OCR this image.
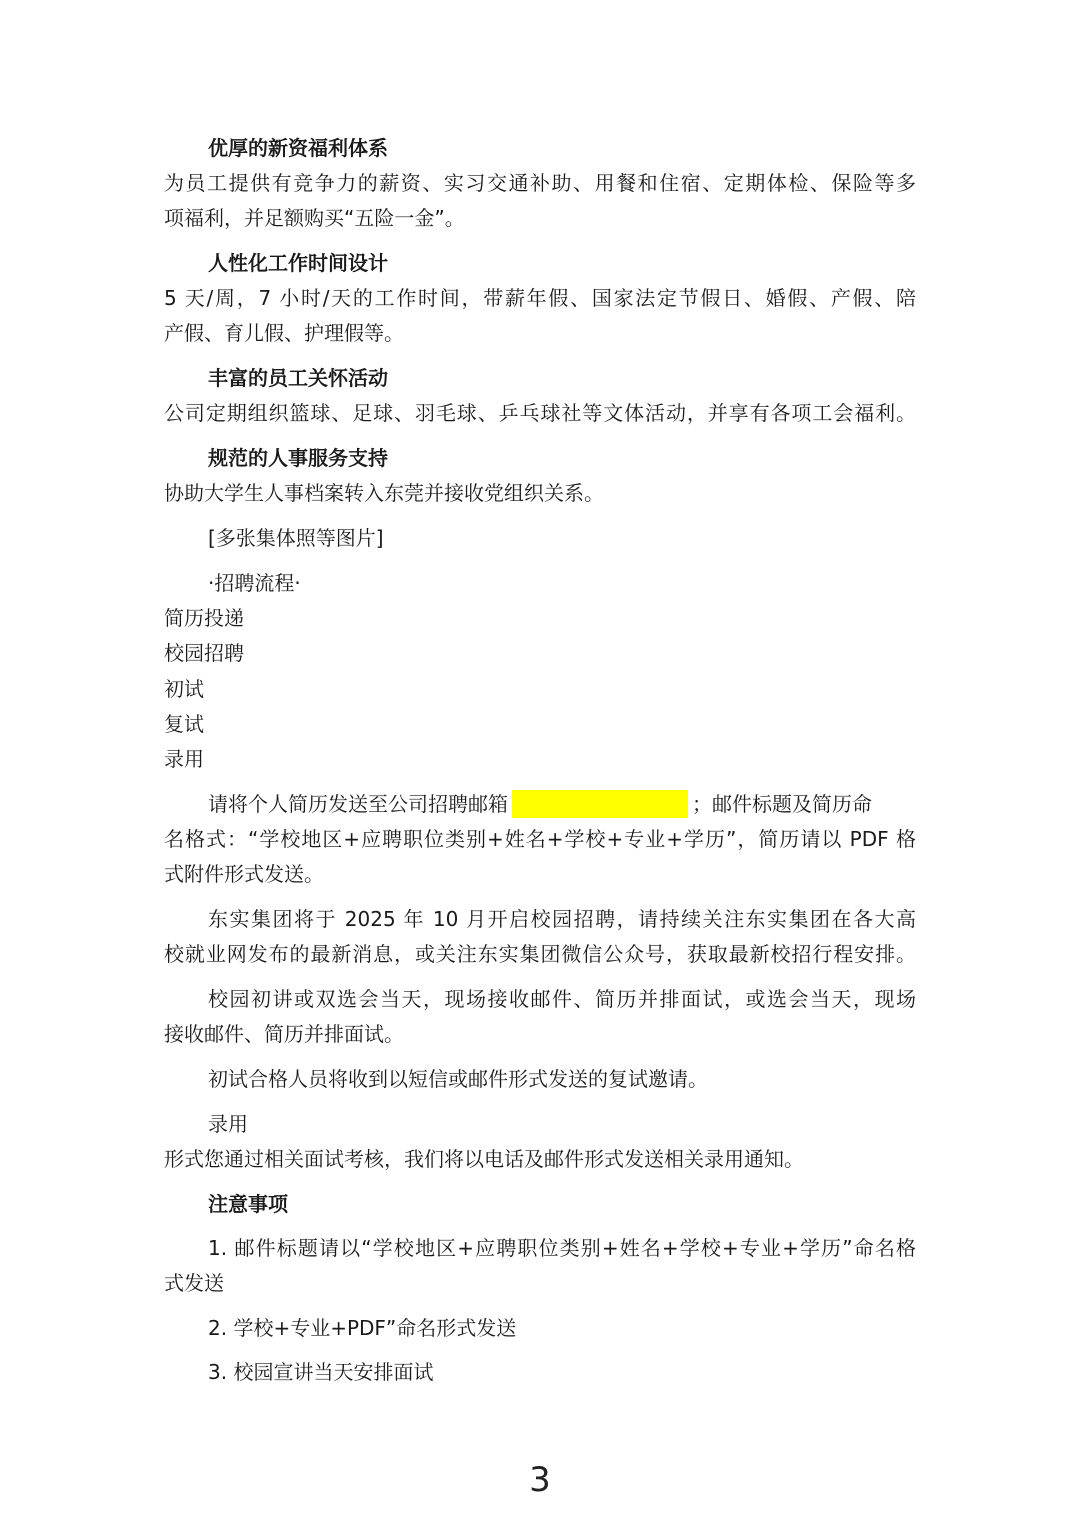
优厚的新资福利体系
为员工提供有竞争力的薪资、实习交通补助、用餐和住宿、定期体检、保险等多
项福利，并足额购买“五险一金”。
人性化工作时间设计
5 天/周，7 小时/天的工作时间，带薪年假、国家法定节假日、婚假、产假、陪
产假、育儿假、护理假等。
丰富的员工关怀活动
公司定期组织篮球、足球、羽毛球、乒乓球社等文体活动，并享有各项工会福利。
规范的人事服务支持
协助大学生人事档案转入东莞并接收党组织关系。
[多张集体照等图片]
·招聘流程·
简历投递
校园招聘
初试
复试
录用
请将个人简历发送至公司招聘邮箱	；邮件标题及简历命
名格式：“学校地区+应聘职位类别+姓名+学校+专业+学历”，简历请以 PDF 格
式附件形式发送。
东实集团将于 2025 年 10 月开启校园招聘，请持续关注东实集团在各大高
校就业网发布的最新消息，或关注东实集团微信公众号，获取最新校招行程安排。
校园初讲或双选会当天，现场接收邮件、简历并排面试，或选会当天，现场
接收邮件、简历并排面试。
初试合格人员将收到以短信或邮件形式发送的复试邀请。
录用
形式您通过相关面试考核，我们将以电话及邮件形式发送相关录用通知。
注意事项
1. 邮件标题请以“学校地区+应聘职位类别+姓名+学校+专业+学历”命名格
式发送
2. 学校+专业+PDF”命名形式发送
3. 校园宣讲当天安排面试
3
